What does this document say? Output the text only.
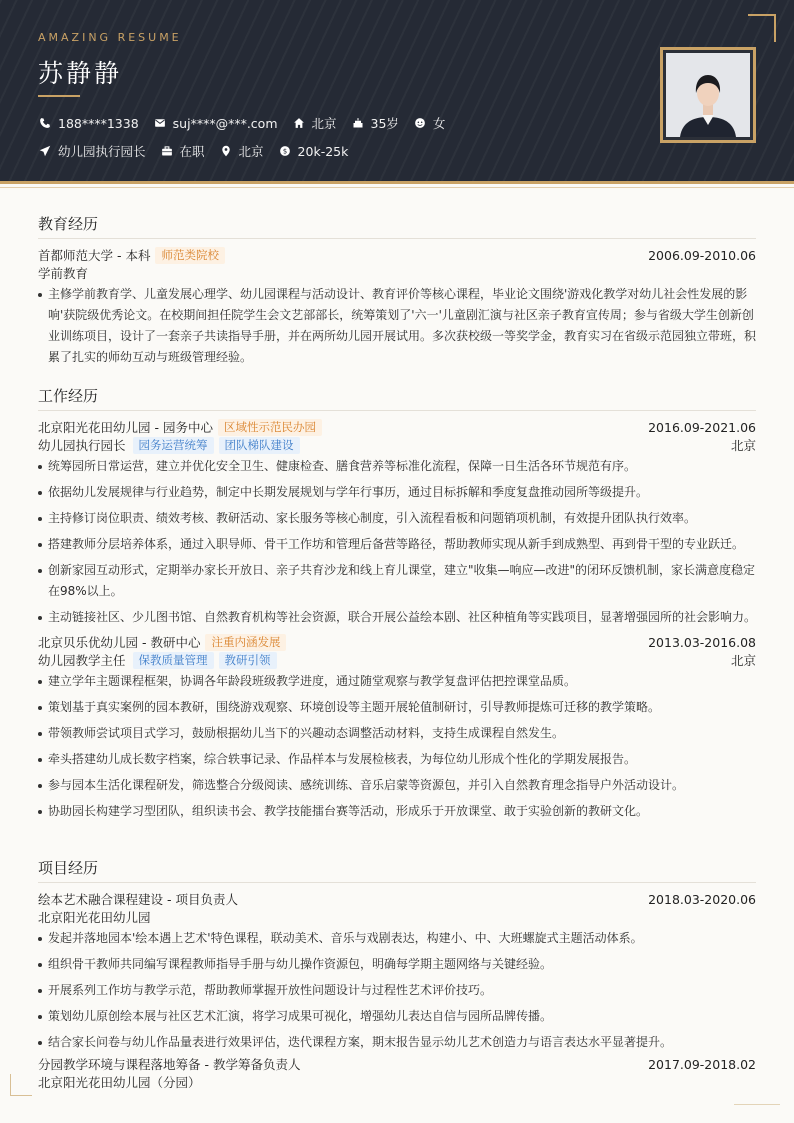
AMAZING RESUME
苏静静
188****1338	suj****@***.com	北京	35岁	女
幼儿园执行园长	在职	北京 $ 20k-25k
教育经历
首都师范大学 - 本科 师范类院校	2006.09-2010.06
学前教育
主修学前教育学、儿童发展心理学、幼儿园课程与活动设计、教育评价等核心课程，毕业论文围绕'游戏化教学对幼儿社会性发展的影响'获院级优秀论文。在校期间担任院学生会文艺部部长，统筹策划了'六一'儿童剧汇演与社区亲子教育宣传周；参与省级大学生创新创业训练项目，设计了一套亲子共读指导手册，并在两所幼儿园开展试用。多次获校级一等奖学金，教育实习在省级示范园独立带班，积累了扎实的师幼互动与班级管理经验。
工作经历
北京阳光花田幼儿园 - 园务中心 区域性示范民办园	2016.09-2021.06
幼儿园执行园长	园务运营统筹	团队梯队建设	北京
统筹园所日常运营，建立并优化安全卫生、健康检查、膳食营养等标准化流程，保障一日生活各环节规范有序。
依据幼儿发展规律与行业趋势，制定中长期发展规划与学年行事历，通过目标拆解和季度复盘推动园所等级提升。
主持修订岗位职责、绩效考核、教研活动、家长服务等核心制度，引入流程看板和问题销项机制，有效提升团队执行效率。
搭建教师分层培养体系，通过入职导师、骨干工作坊和管理后备营等路径，帮助教师实现从新手到成熟型、再到骨干型的专业跃迁。
创新家园互动形式，定期举办家长开放日、亲子共育沙龙和线上育儿课堂，建立"收集—响应—改进"的闭环反馈机制，家长满意度稳定在98%以上。
主动链接社区、少儿图书馆、自然教育机构等社会资源，联合开展公益绘本剧、社区种植角等实践项目，显著增强园所的社会影响力。
北京贝乐优幼儿园 - 教研中心 注重内涵发展	2013.03-2016.08
幼儿园教学主任	保教质量管理	教研引领	北京
建立学年主题课程框架，协调各年龄段班级教学进度，通过随堂观察与教学复盘评估把控课堂品质。
策划基于真实案例的园本教研，围绕游戏观察、环境创设等主题开展轮值制研讨，引导教师提炼可迁移的教学策略。
带领教师尝试项目式学习，鼓励根据幼儿当下的兴趣动态调整活动材料，支持生成课程自然发生。
牵头搭建幼儿成长数字档案，综合轶事记录、作品样本与发展检核表，为每位幼儿形成个性化的学期发展报告。
参与园本生活化课程研发，筛选整合分级阅读、感统训练、音乐启蒙等资源包，并引入自然教育理念指导户外活动设计。
协助园长构建学习型团队，组织读书会、教学技能擂台赛等活动，形成乐于开放课堂、敢于实验创新的教研文化。
项目经历
绘本艺术融合课程建设 - 项目负责人	2018.03-2020.06
北京阳光花田幼儿园
发起并落地园本'绘本遇上艺术'特色课程，联动美术、音乐与戏剧表达，构建小、中、大班螺旋式主题活动体系。
组织骨干教师共同编写课程教师指导手册与幼儿操作资源包，明确每学期主题网络与关键经验。
开展系列工作坊与教学示范，帮助教师掌握开放性问题设计与过程性艺术评价技巧。
策划幼儿原创绘本展与社区艺术汇演，将学习成果可视化，增强幼儿表达自信与园所品牌传播。
结合家长问卷与幼儿作品量表进行效果评估，迭代课程方案，期末报告显示幼儿艺术创造力与语言表达水平显著提升。
分园教学环境与课程落地筹备 - 教学筹备负责人	2017.09-2018.02
北京阳光花田幼儿园（分园）
